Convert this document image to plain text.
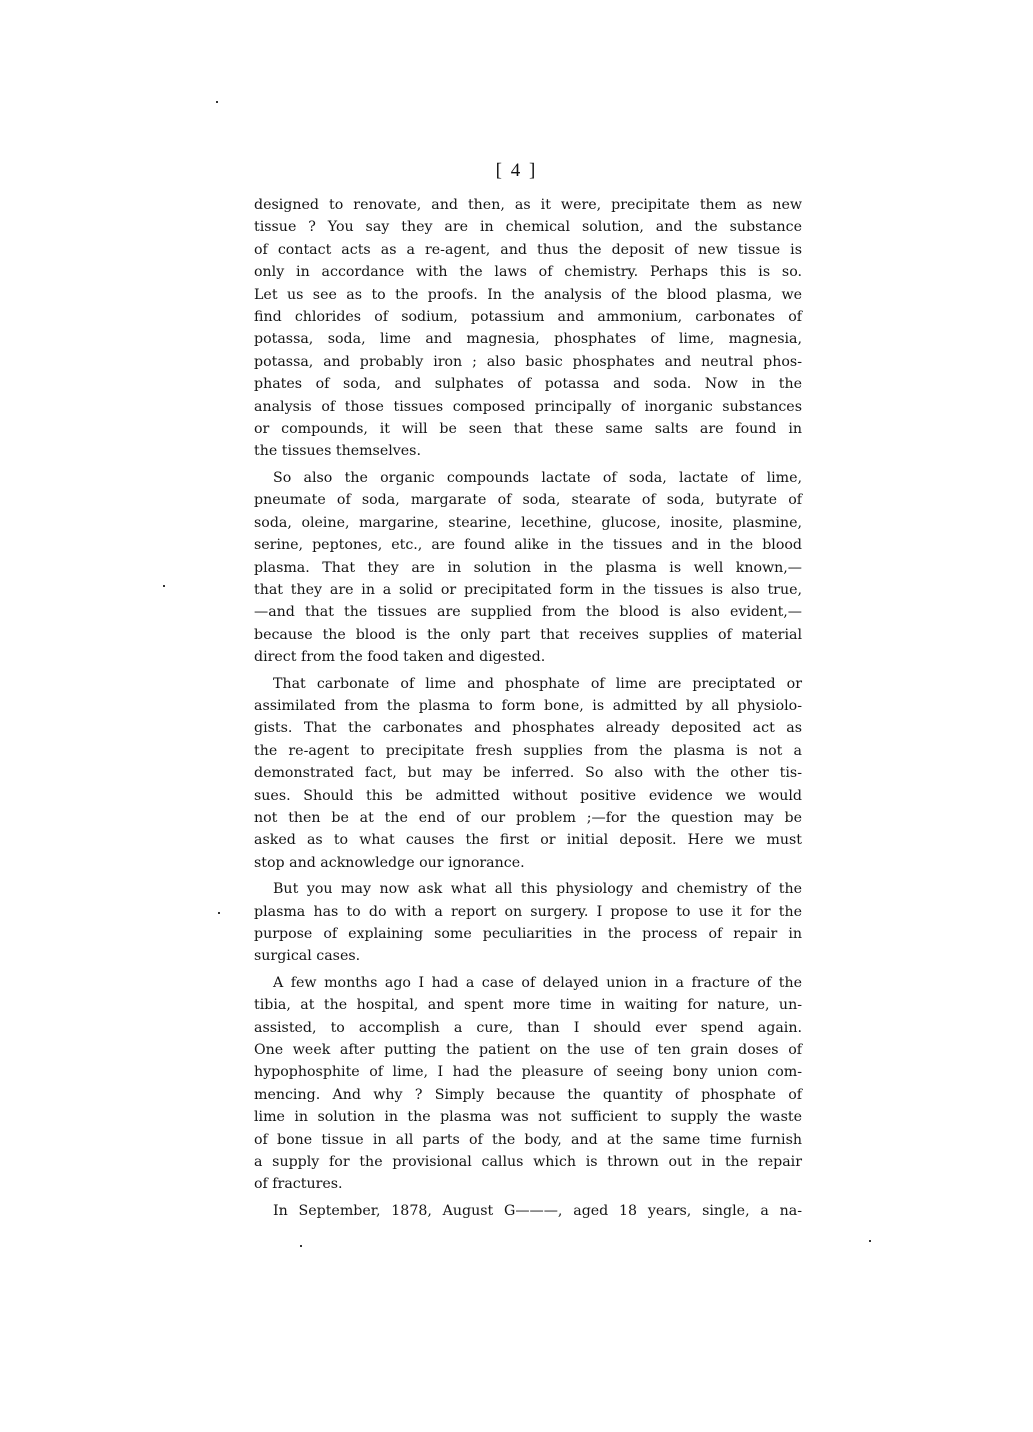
[ 4 ]

designed to renovate, and then, as it were, precipitate them as new
tissue ? You say they are in chemical solution, and the substance
of contact acts as a re-agent, and thus the deposit of new tissue is
only in accordance with the laws of chemistry. Perhaps this is so.
Let us see as to the proofs. In the analysis of the blood plasma, we
find chlorides of sodium, potassium and ammonium, carbonates of
potassa, soda, lime and magnesia, phosphates of lime, magnesia,
potassa, and probably iron ; also basic phosphates and neutral phos-
phates of soda, and sulphates of potassa and soda. Now in the
analysis of those tissues composed principally of inorganic substances
or compounds, it will be seen that these same salts are found in
the tissues themselves.

So also the organic compounds lactate of soda, lactate of lime,
pneumate of soda, margarate of soda, stearate of soda, butyrate of
soda, oleine, margarine, stearine, lecethine, glucose, inosite, plasmine,
serine, peptones, etc., are found alike in the tissues and in the blood
plasma. That they are in solution in the plasma is well known,—
that they are in a solid or precipitated form in the tissues is also true,
—and that the tissues are supplied from the blood is also evident,—
because the blood is the only part that receives supplies of material
direct from the food taken and digested.

That carbonate of lime and phosphate of lime are preciptated or
assimilated from the plasma to form bone, is admitted by all physiolo-
gists. That the carbonates and phosphates already deposited act as
the re-agent to precipitate fresh supplies from the plasma is not a
demonstrated fact, but may be inferred. So also with the other tis-
sues. Should this be admitted without positive evidence we would
not then be at the end of our problem ;—for the question may be
asked as to what causes the first or initial deposit. Here we must
stop and acknowledge our ignorance.

But you may now ask what all this physiology and chemistry of the
plasma has to do with a report on surgery. I propose to use it for the
purpose of explaining some peculiarities in the process of repair in
surgical cases.

A few months ago I had a case of delayed union in a fracture of the
tibia, at the hospital, and spent more time in waiting for nature, un-
assisted, to accomplish a cure, than I should ever spend again.
One week after putting the patient on the use of ten grain doses of
hypophosphite of lime, I had the pleasure of seeing bony union com-
mencing. And why ? Simply because the quantity of phosphate of
lime in solution in the plasma was not sufficient to supply the waste
of bone tissue in all parts of the body, and at the same time furnish
a supply for the provisional callus which is thrown out in the repair
of fractures.

In September, 1878, August G———, aged 18 years, single, a na-
